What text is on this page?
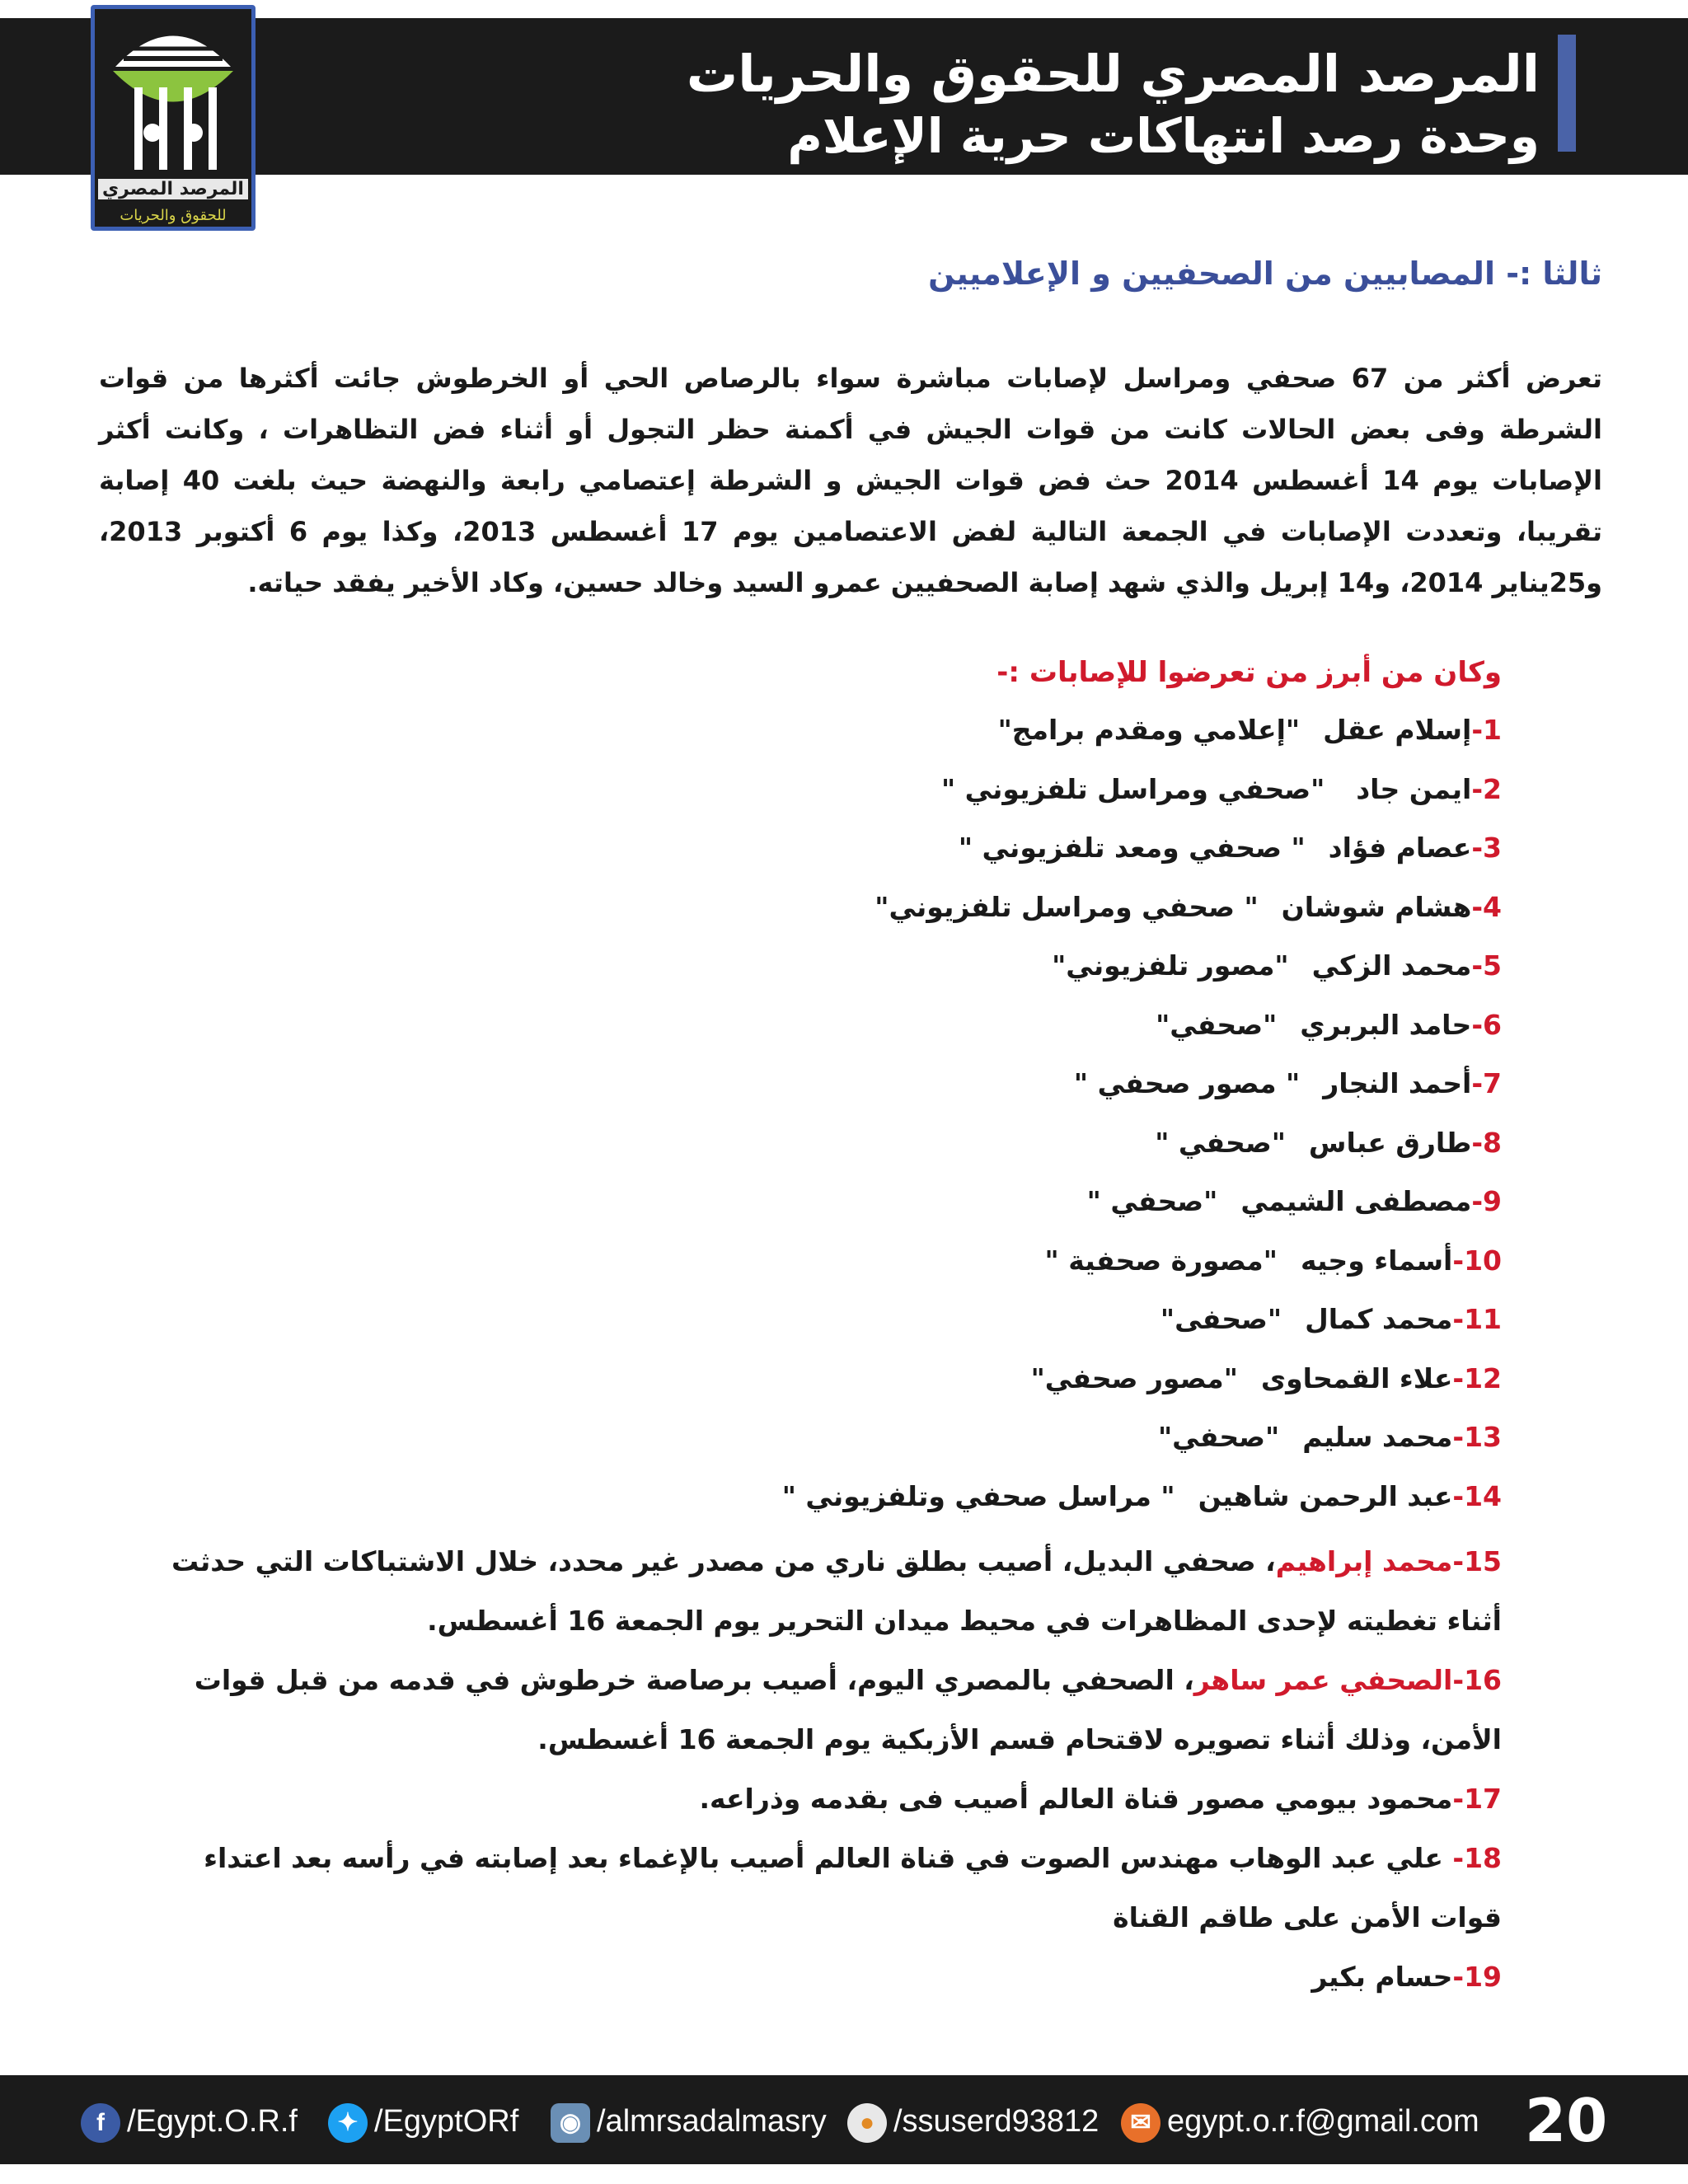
المرصد المصري للحقوق والحريات
وحدة رصد انتهاكات حرية الإعلام
المرصد المصري
للحقوق والحريات
ثالثا :- المصابيين من الصحفيين و الإعلاميين
تعرض أكثر من 67 صحفي ومراسل لإصابات مباشرة سواء بالرصاص الحي أو الخرطوش جائت أكثرها من قوات الشرطة وفى بعض الحالات كانت من قوات الجيش في أكمنة حظر التجول أو أثناء فض التظاهرات ، وكانت أكثر الإصابات يوم 14 أغسطس 2014 حث فض قوات الجيش و الشرطة إعتصامي رابعة والنهضة حيث بلغت 40 إصابة تقريبا، وتعددت الإصابات في الجمعة التالية لفض الاعتصامين يوم 17 أغسطس 2013، وكذا يوم 6 أكتوبر 2013، و25يناير 2014، و14 إبريل والذي شهد إصابة الصحفيين عمرو السيد وخالد حسين، وكاد الأخير يفقد حياته.
وكان من أبرز من تعرضوا للإصابات :-
1-إسلام عقل"إعلامي ومقدم برامج"
2-ايمن جاد"صحفي ومراسل تلفزيوني "
3-عصام فؤاد" صحفي ومعد تلفزيوني "
4-هشام شوشان" صحفي ومراسل تلفزيوني"
5-محمد الزكي"مصور تلفزيوني"
6-حامد البربري"صحفي"
7-أحمد النجار" مصور صحفي "
8-طارق عباس"صحفي "
9-مصطفى الشيمي"صحفي "
10-أسماء وجيه"مصورة صحفية "
11-محمد كمال"صحفى"
12-علاء القمحاوى"مصور صحفي"
13-محمد سليم"صحفي"
14-عبد الرحمن شاهين" مراسل صحفي وتلفزيوني "
15-محمد إبراهيم، صحفي البديل، أصيب بطلق ناري من مصدر غير محدد، خلال الاشتباكات التي حدثت أثناء تغطيته لإحدى المظاهرات في محيط ميدان التحرير يوم الجمعة 16 أغسطس.
16-الصحفي عمر ساهر، الصحفي بالمصري اليوم، أصيب برصاصة خرطوش في قدمه من قبل قوات الأمن، وذلك أثناء تصويره لاقتحام قسم الأزبكية يوم الجمعة 16 أغسطس.
17-محمود بيومي مصور قناة العالم أصيب فى بقدمه وذراعه.
18- علي عبد الوهاب مهندس الصوت في قناة العالم أصيب بالإغماء بعد إصابته في رأسه بعد اعتداء قوات الأمن على طاقم القناة
19-حسام بكير
f /Egypt.O.R.f	✦ /EgyptORf	◉ /almrsadalmasry	● /ssuserd93812	✉ egypt.o.r.f@gmail.com 20
